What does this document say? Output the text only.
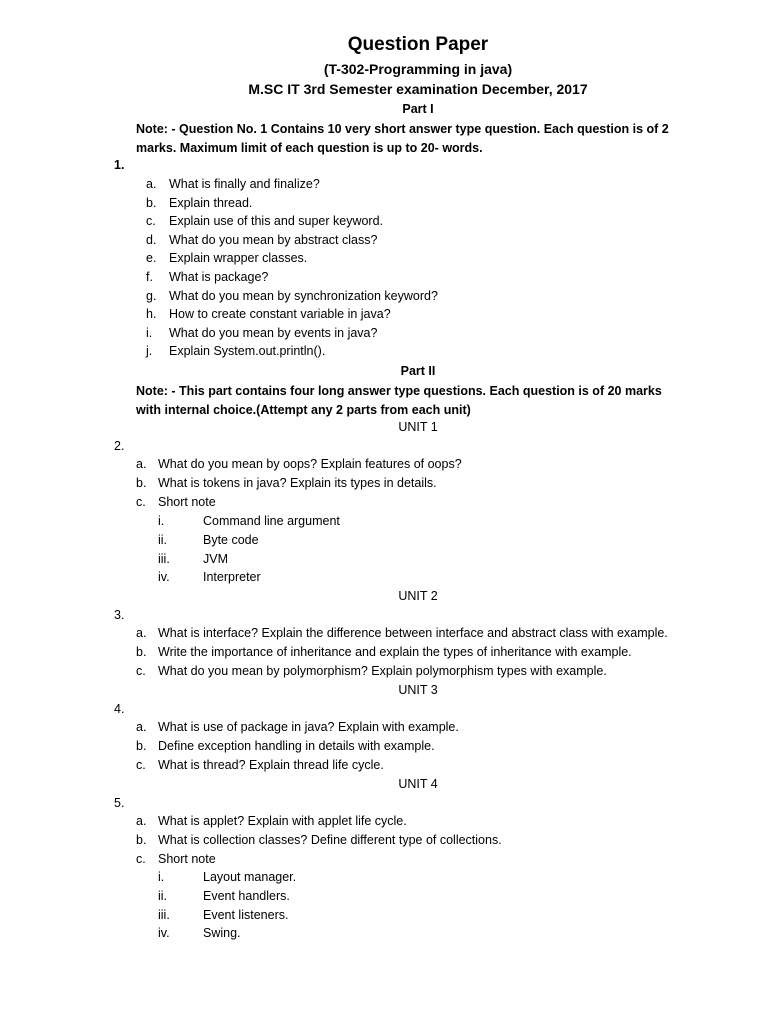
Question Paper
(T-302-Programming in java)
M.SC IT 3rd Semester examination December, 2017
Part I
Note: - Question No. 1 Contains 10 very short answer type question. Each question is of 2 marks. Maximum limit of each question is up to 20- words.
1.
a. What is finally and finalize?
b. Explain thread.
c. Explain use of this and super keyword.
d. What do you mean by abstract class?
e. Explain wrapper classes.
f. What is package?
g. What do you mean by synchronization keyword?
h. How to create constant variable in java?
i. What do you mean by events in java?
j. Explain System.out.println().
Part II
Note: - This part contains four long answer type questions. Each question is of 20 marks with internal choice.(Attempt any 2 parts from each unit)
UNIT 1
2.
a. What do you mean by oops? Explain features of oops?
b. What is tokens in java? Explain its types in details.
c. Short note
i.	Command line argument
ii.	Byte code
iii.	JVM
iv.	Interpreter
UNIT 2
3.
a. What is interface? Explain the difference between interface and abstract class with example.
b. Write the importance of inheritance and explain the types of inheritance with example.
c. What do you mean by polymorphism? Explain polymorphism types with example.
UNIT 3
4.
a. What is use of package in java? Explain with example.
b. Define exception handling in details with example.
c. What is thread? Explain thread life cycle.
UNIT 4
5.
a. What is applet? Explain with applet life cycle.
b. What is collection classes? Define different type of collections.
c. Short note
i.	Layout manager.
ii.	Event handlers.
iii.	Event listeners.
iv.	Swing.
